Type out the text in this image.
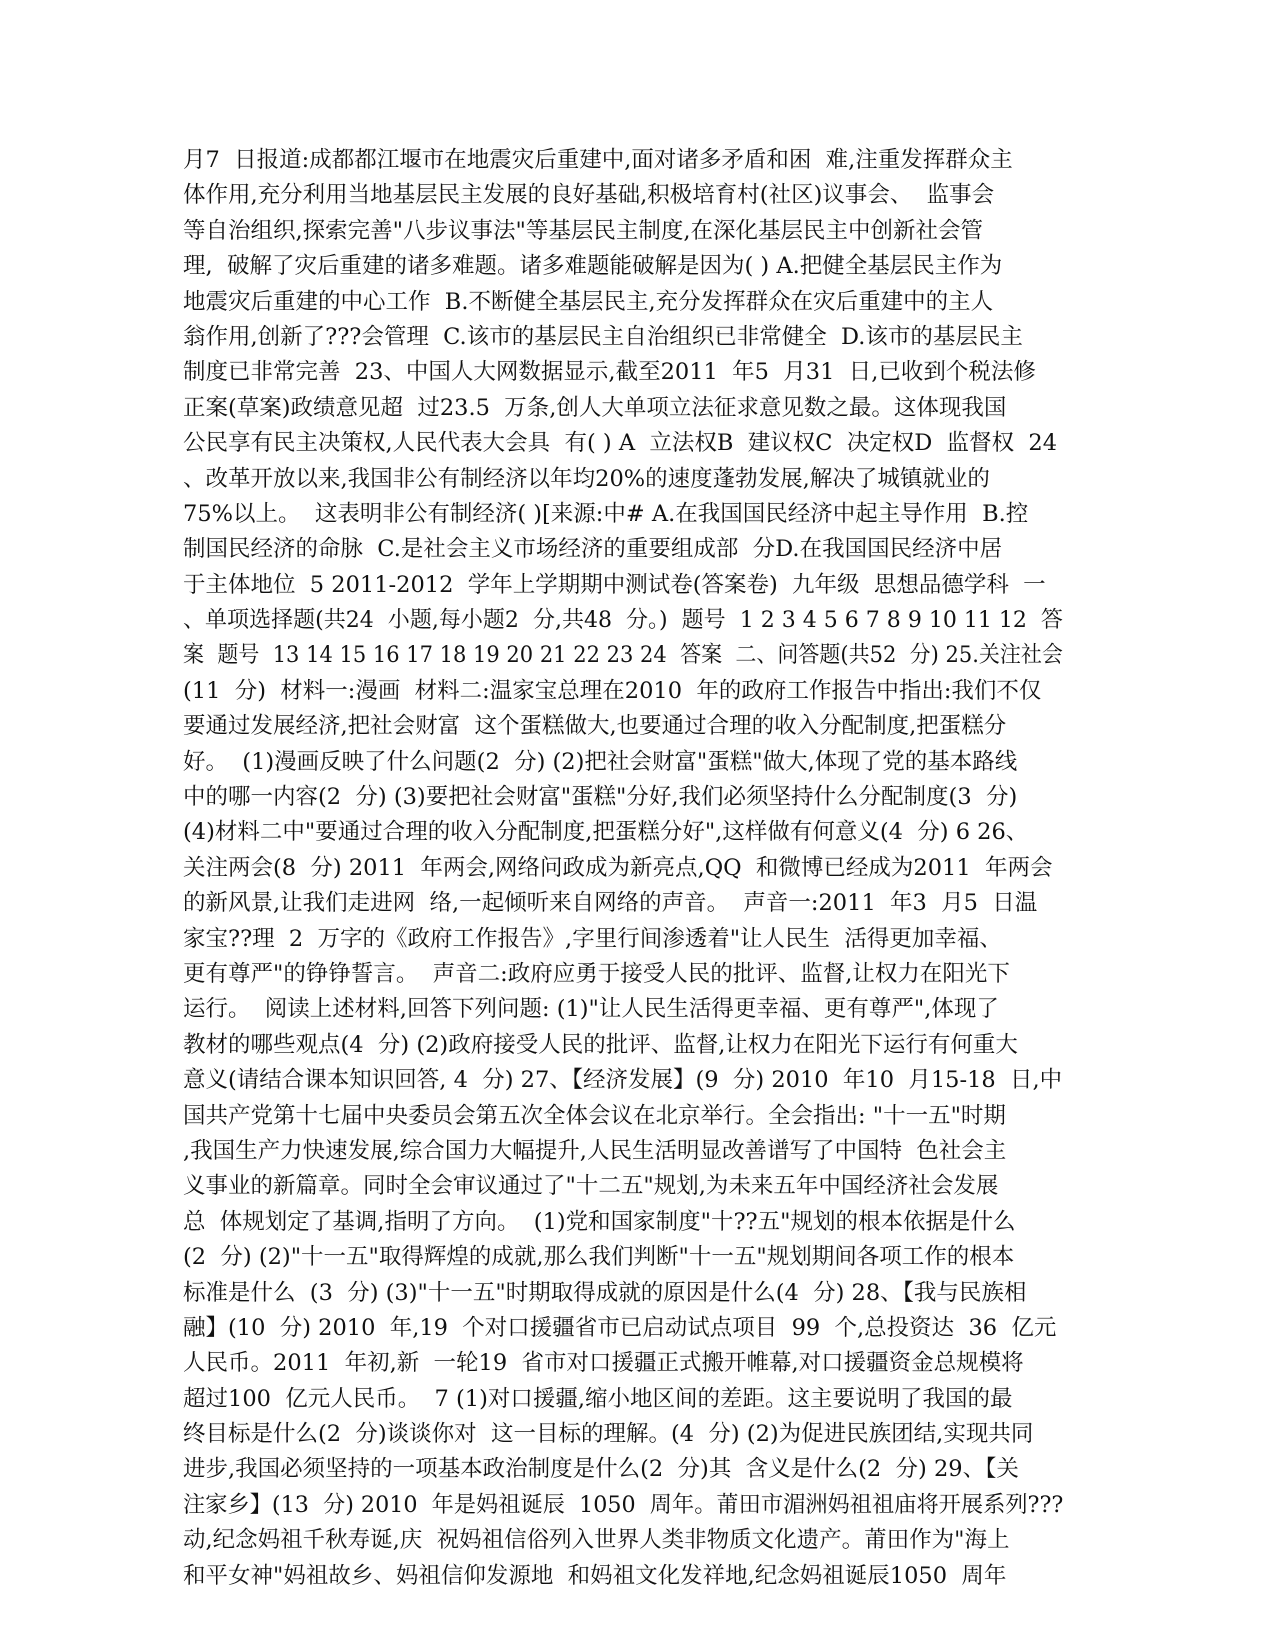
月7  日报道:成都都江堰市在地震灾后重建中,面对诸多矛盾和困  难,注重发挥群众主
体作用,充分利用当地基层民主发展的良好基础,积极培育村(社区)议事会、  监事会
等自治组织,探索完善"八步议事法"等基层民主制度,在深化基层民主中创新社会管
理,  破解了灾后重建的诸多难题。诸多难题能破解是因为( ) A.把健全基层民主作为
地震灾后重建的中心工作  B.不断健全基层民主,充分发挥群众在灾后重建中的主人
翁作用,创新了???会管理  C.该市的基层民主自治组织已非常健全  D.该市的基层民主
制度已非常完善  23、中国人大网数据显示,截至2011  年5  月31  日,已收到个税法修
正案(草案)政绩意见超  过23.5  万条,创人大单项立法征求意见数之最。这体现我国
公民享有民主决策权,人民代表大会具  有( ) A  立法权B  建议权C  决定权D  监督权  24
、改革开放以来,我国非公有制经济以年均20%的速度蓬勃发展,解决了城镇就业的
75%以上。  这表明非公有制经济( )[来源:中# A.在我国国民经济中起主导作用  B.控
制国民经济的命脉  C.是社会主义市场经济的重要组成部  分D.在我国国民经济中居
于主体地位  5 2011-2012  学年上学期期中测试卷(答案卷)  九年级  思想品德学科  一
、单项选择题(共24  小题,每小题2  分,共48  分。)  题号  1 2 3 4 5 6 7 8 9 10 11 12  答
案  题号  13 14 15 16 17 18 19 20 21 22 23 24  答案  二、问答题(共52  分) 25.关注社会
(11  分)  材料一:漫画  材料二:温家宝总理在2010  年的政府工作报告中指出:我们不仅
要通过发展经济,把社会财富  这个蛋糕做大,也要通过合理的收入分配制度,把蛋糕分
好。  (1)漫画反映了什么问题(2  分) (2)把社会财富"蛋糕"做大,体现了党的基本路线
中的哪一内容(2  分) (3)要把社会财富"蛋糕"分好,我们必须坚持什么分配制度(3  分)
(4)材料二中"要通过合理的收入分配制度,把蛋糕分好",这样做有何意义(4  分) 6 26、
关注两会(8  分) 2011  年两会,网络问政成为新亮点,QQ  和微博已经成为2011  年两会
的新风景,让我们走进网  络,一起倾听来自网络的声音。  声音一:2011  年3  月5  日温
家宝??理  2  万字的《政府工作报告》,字里行间渗透着"让人民生  活得更加幸福、
更有尊严"的铮铮誓言。  声音二:政府应勇于接受人民的批评、监督,让权力在阳光下
运行。  阅读上述材料,回答下列问题: (1)"让人民生活得更幸福、更有尊严",体现了
教材的哪些观点(4  分) (2)政府接受人民的批评、监督,让权力在阳光下运行有何重大
意义(请结合课本知识回答, 4  分) 27、【经济发展】(9  分) 2010  年10  月15-18  日,中
国共产党第十七届中央委员会第五次全体会议在北京举行。全会指出: "十一五"时期
,我国生产力快速发展,综合国力大幅提升,人民生活明显改善谱写了中国特  色社会主
义事业的新篇章。同时全会审议通过了"十二五"规划,为未来五年中国经济社会发展
总  体规划定了基调,指明了方向。  (1)党和国家制度"十??五"规划的根本依据是什么
(2  分) (2)"十一五"取得辉煌的成就,那么我们判断"十一五"规划期间各项工作的根本
标准是什么  (3  分) (3)"十一五"时期取得成就的原因是什么(4  分) 28、【我与民族相
融】(10  分) 2010  年,19  个对口援疆省市已启动试点项目  99  个,总投资达  36  亿元
人民币。2011  年初,新  一轮19  省市对口援疆正式搬开帷幕,对口援疆资金总规模将
超过100  亿元人民币。  7 (1)对口援疆,缩小地区间的差距。这主要说明了我国的最
终目标是什么(2  分)谈谈你对  这一目标的理解。(4  分) (2)为促进民族团结,实现共同
进步,我国必须坚持的一项基本政治制度是什么(2  分)其  含义是什么(2  分) 29、【关
注家乡】(13  分) 2010  年是妈祖诞辰  1050  周年。莆田市湄洲妈祖祖庙将开展系列???
动,纪念妈祖千秋寿诞,庆  祝妈祖信俗列入世界人类非物质文化遗产。莆田作为"海上
和平女神"妈祖故乡、妈祖信仰发源地  和妈祖文化发祥地,纪念妈祖诞辰1050  周年
